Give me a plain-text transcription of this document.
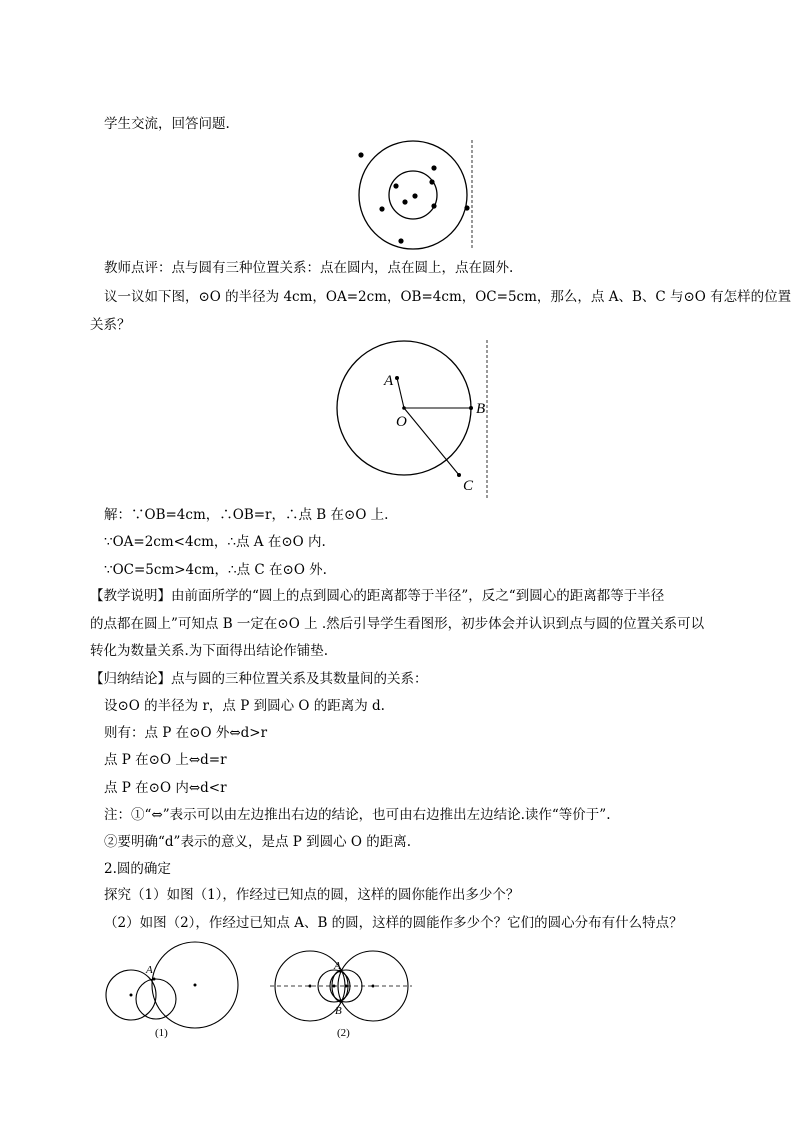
学生交流，回答问题.
教师点评：点与圆有三种位置关系：点在圆内，点在圆上，点在圆外.
议一议如下图，⊙O 的半径为 4cm，OA=2cm，OB=4cm，OC=5cm，那么，点 A、B、C 与⊙O 有怎样的位置
关系？
A
O
B
C
解：∵OB=4cm，∴OB=r，∴点 B 在⊙O 上.
∵OA=2cm<4cm，∴点 A 在⊙O 内.
∵OC=5cm>4cm，∴点 C 在⊙O 外.
【教学说明】由前面所学的“圆上的点到圆心的距离都等于半径”，反之“到圆心的距离都等于半径
的点都在圆上”可知点 B 一定在⊙O 上 .然后引导学生看图形，初步体会并认识到点与圆的位置关系可以
转化为数量关系.为下面得出结论作铺垫.
【归纳结论】点与圆的三种位置关系及其数量间的关系：
设⊙O 的半径为 r，点 P 到圆心 O 的距离为 d.
则有：点 P 在⊙O 外⇔d>r
点 P 在⊙O 上⇔d=r
点 P 在⊙O 内⇔d<r
注：①“⇔”表示可以由左边推出右边的结论，也可由右边推出左边结论.读作“等价于”.
②要明确“d”表示的意义，是点 P 到圆心 O 的距离.
2.圆的确定
探究（1）如图（1），作经过已知点的圆，这样的圆你能作出多少个？
（2）如图（2），作经过已知点 A、B 的圆，这样的圆能作多少个？它们的圆心分布有什么特点？
A
(1)
A
B
(2)
